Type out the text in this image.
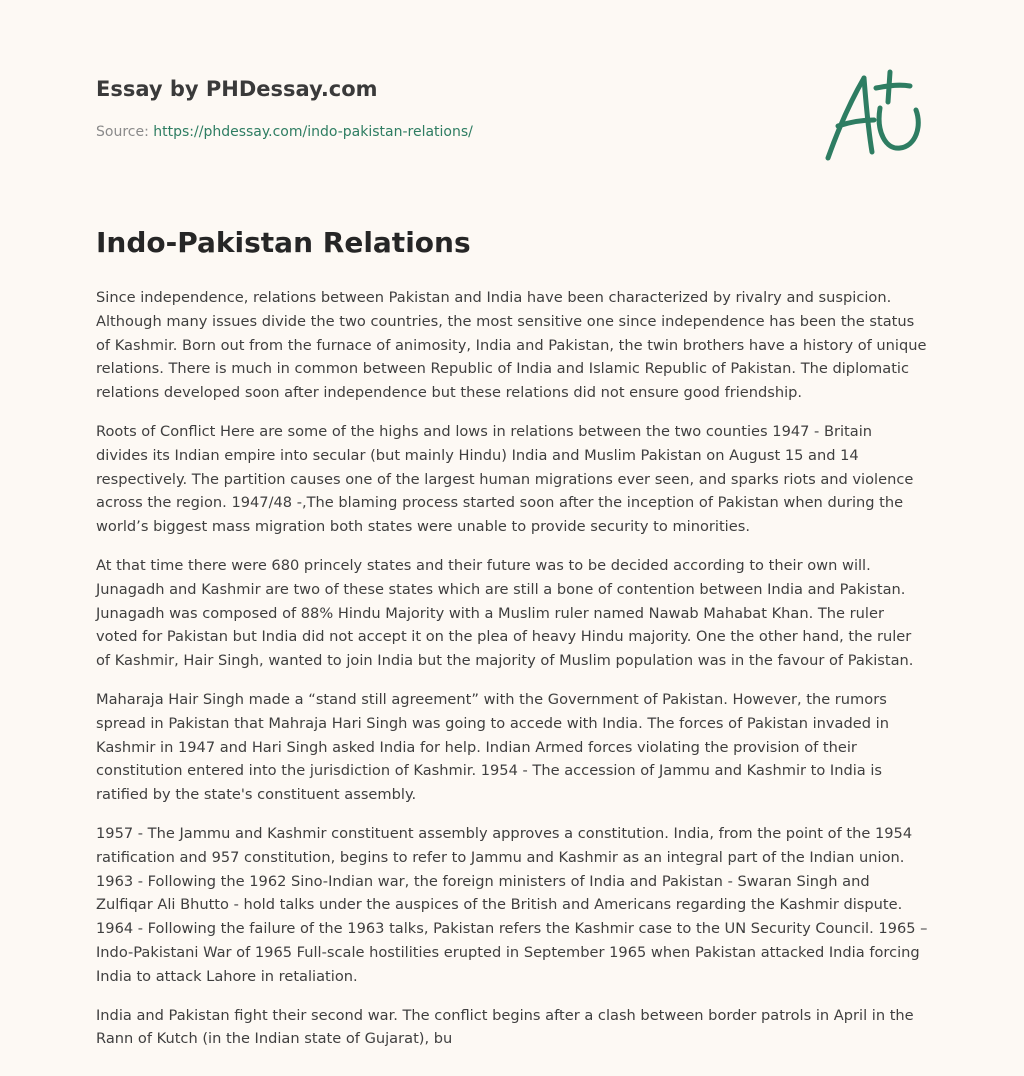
Essay by PHDessay.com
Source: https://phdessay.com/indo-pakistan-relations/
Indo-Pakistan Relations

Since independence, relations between Pakistan and India have been characterized by rivalry and suspicion. Although many issues divide the two countries, the most sensitive one since independence has been the status of Kashmir. Born out from the furnace of animosity, India and Pakistan, the twin brothers have a history of unique relations. There is much in common between Republic of India and Islamic Republic of Pakistan. The diplomatic relations developed soon after independence but these relations did not ensure good friendship.

Roots of Conflict Here are some of the highs and lows in relations between the two counties 1947 - Britain divides its Indian empire into secular (but mainly Hindu) India and Muslim Pakistan on August 15 and 14 respectively. The partition causes one of the largest human migrations ever seen, and sparks riots and violence across the region. 1947/48 -,The blaming process started soon after the inception of Pakistan when during the world’s biggest mass migration both states were unable to provide security to minorities.

At that time there were 680 princely states and their future was to be decided according to their own will. Junagadh and Kashmir are two of these states which are still a bone of contention between India and Pakistan. Junagadh was composed of 88% Hindu Majority with a Muslim ruler named Nawab Mahabat Khan. The ruler voted for Pakistan but India did not accept it on the plea of heavy Hindu majority. One the other hand, the ruler of Kashmir, Hair Singh, wanted to join India but the majority of Muslim population was in the favour of Pakistan.

Maharaja Hair Singh made a “stand still agreement” with the Government of Pakistan. However, the rumors spread in Pakistan that Mahraja Hari Singh was going to accede with India. The forces of Pakistan invaded in Kashmir in 1947 and Hari Singh asked India for help. Indian Armed forces violating the provision of their constitution entered into the jurisdiction of Kashmir. 1954 - The accession of Jammu and Kashmir to India is ratified by the state's constituent assembly.

1957 - The Jammu and Kashmir constituent assembly approves a constitution. India, from the point of the 1954 ratification and 957 constitution, begins to refer to Jammu and Kashmir as an integral part of the Indian union. 1963 - Following the 1962 Sino-Indian war, the foreign ministers of India and Pakistan - Swaran Singh and Zulfiqar Ali Bhutto - hold talks under the auspices of the British and Americans regarding the Kashmir dispute. 1964 - Following the failure of the 1963 talks, Pakistan refers the Kashmir case to the UN Security Council. 1965 – Indo-Pakistani War of 1965 Full-scale hostilities erupted in September 1965 when Pakistan attacked India forcing India to attack Lahore in retaliation.

India and Pakistan fight their second war. The conflict begins after a clash between border patrols in April in the Rann of Kutch (in the Indian state of Gujarat), bu
